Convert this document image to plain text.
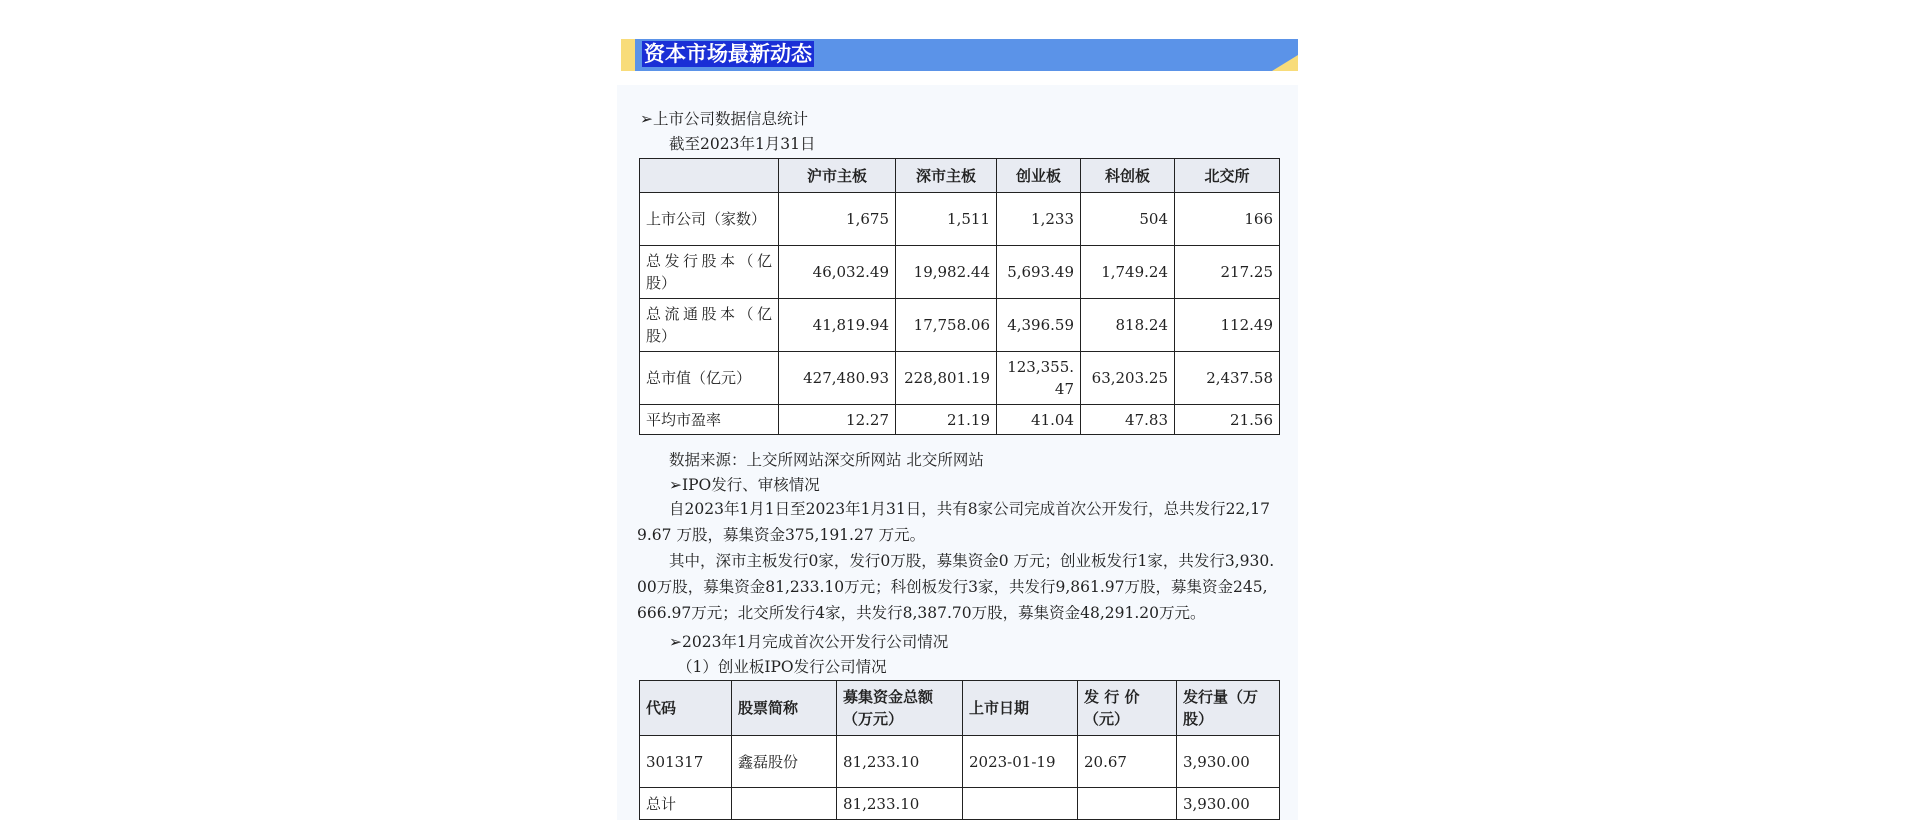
资本市场最新动态
➢上市公司数据信息统计
截至2023年1月31日
	沪市主板	深市主板	创业板	科创板	北交所
上市公司（家数）	1,675	1,511	1,233	504	166
总发行股本（亿股）	46,032.49	19,982.44	5,693.49	1,749.24	217.25
总流通股本（亿股）	41,819.94	17,758.06	4,396.59	818.24	112.49
总市值（亿元）	427,480.93	228,801.19	123,355.47	63,203.25	2,437.58
平均市盈率	12.27	21.19	41.04	47.83	21.56
数据来源：上交所网站深交所网站 北交所网站
➢IPO发行、审核情况
自2023年1月1日至2023年1月31日，共有8家公司完成首次公开发行，总共发行22,179.67 万股，募集资金375,191.27 万元。
其中，深市主板发行0家，发行0万股，募集资金0 万元；创业板发行1家，共发行3,930.00万股，募集资金81,233.10万元；科创板发行3家，共发行9,861.97万股，募集资金245,666.97万元；北交所发行4家，共发行8,387.70万股，募集资金48,291.20万元。
➢2023年1月完成首次公开发行公司情况
（1）创业板IPO发行公司情况
代码	股票简称	募集资金总额（万元）	上市日期	发 行 价（元）	发行量（万股）
301317	鑫磊股份	81,233.10	2023-01-19	20.67	3,930.00
总计		81,233.10			3,930.00
